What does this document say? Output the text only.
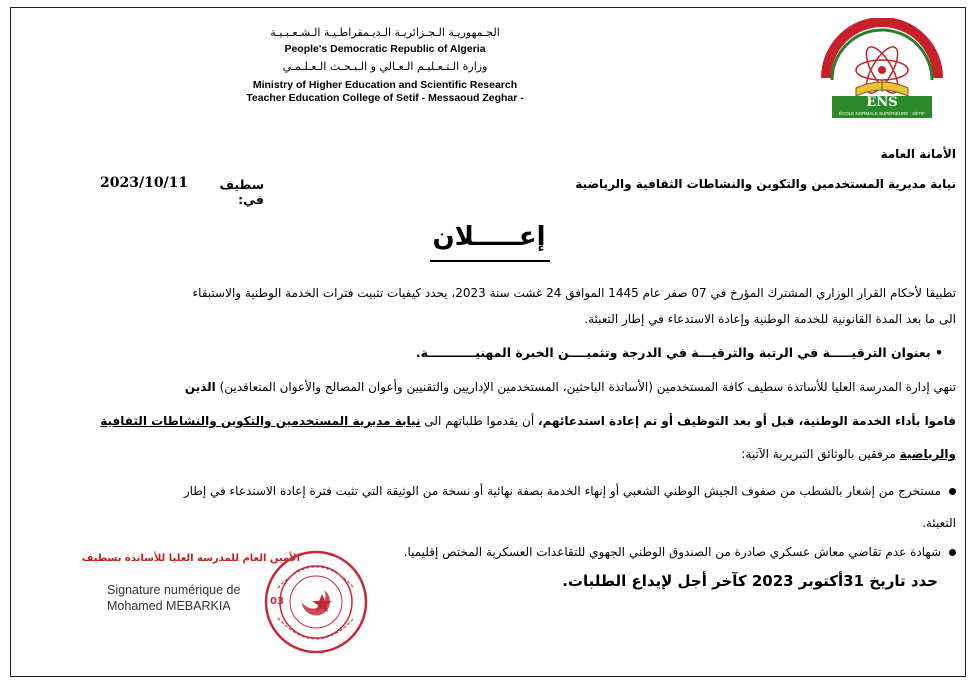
الجـمهوريـة الـجـزائريـة الـديـمقراطـيـة الـشـعـبـيـة
People's Democratic Republic of Algeria
وزارة الـتـعـليـم الـعـالي و الـبـحـث الـعـلـمـي
Ministry of Higher Education and Scientific Research
Teacher Education College of Setif - Messaoud Zeghar -	ENS
ÉCOLE NORMALE SUPÉRIEURE - SÉTIF
الأمانة العامة
نيابة مديرية المستخدمين والتكوين والنشاطات الثقافية والرياضية
سطيف في:
2023/10/11
إعـــــلان
تطبيقا لأحكام القرار الوزاري المشترك المؤرخ في 07 صفر عام 1445 الموافق 24 غشت سنة 2023، يحدد كيفيات تثبيت فترات الخدمة الوطنية والاستبقاء
الى ما بعد المدة القانونية للخدمة الوطنية وإعادة الاستدعاء في إطار التعبئة.
• بعنوان الترقيـــــة في الرتبة والترقيـــة في الدرجة وتثميــــن الخبرة المهنيـــــــــــة.
تنهي إدارة المدرسة العليا للأساتذة سطيف كافة المستخدمين (الأساتذة الباحثين، المستخدمين الإداريين والتقنيين وأعوان المصالح والأعوان المتعاقدين) الذين
قاموا بأداء الخدمة الوطنية، قبل أو بعد التوظيف أو تم إعادة استدعائهم، أن يقدموا طلباتهم الى نيابة مديرية المستخدمين والتكوين والنشاطات الثقافية
والرياضية مرفقين بالوثائق التبريرية الآتية:
مستخرج من إشعار بالشطب من صفوف الجيش الوطني الشعبي أو إنهاء الخدمة بصفة نهائية أو نسخة من الوثيقة التي تثبت فترة إعادة الاستدعاء في إطار
التعبئة.
شهادة عدم تقاضي معاش عسكري صادرة من الصندوق الوطني الجهوي للتقاعدات العسكرية المختص إقليميا.
حدد تاريخ 31أكتوبر 2023 كآخر أجل لإيداع الطلبات.
الأمين العام للمدرسة العليا للأساتذة بسطيف
Signature numérique de
Mohamed MEBARKIA	03
